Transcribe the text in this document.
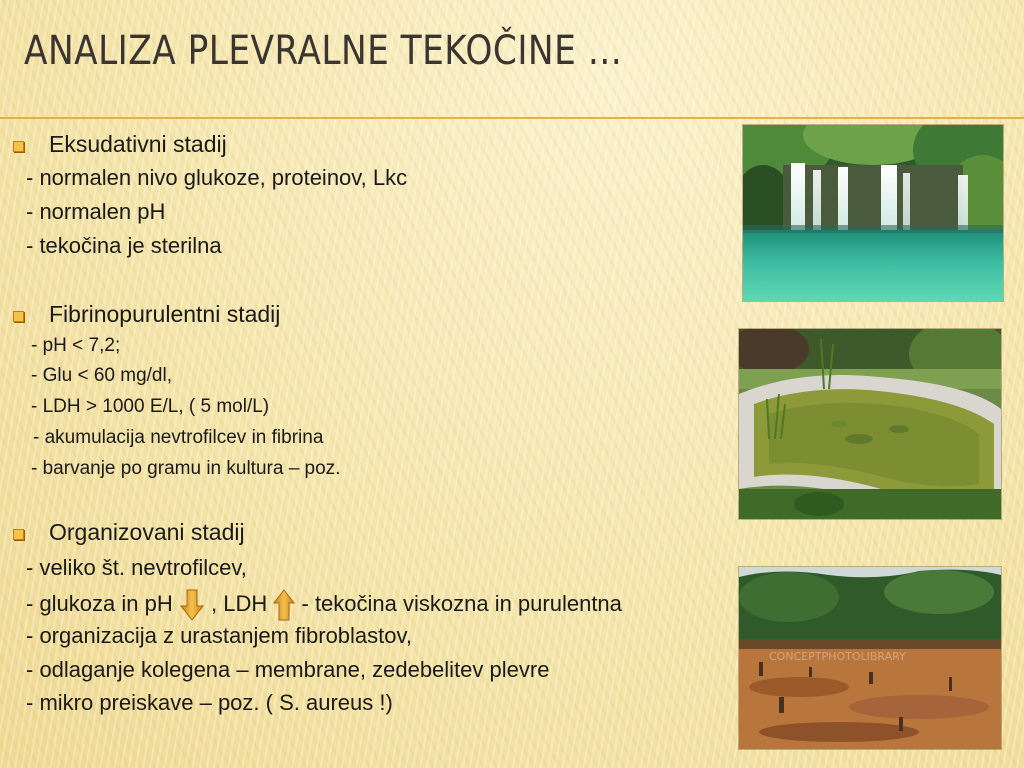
ANALIZA PLEVRALNE TEKOČINE …
Eksudativni stadij
- normalen nivo glukoze, proteinov, Lkc
- normalen pH
- tekočina je sterilna
Fibrinopurulentni stadij
- pH < 7,2;
- Glu < 60 mg/dl,
- LDH > 1000 E/L, ( 5 mol/L)
- akumulacija nevtrofilcev in fibrina
- barvanje po gramu in kultura – poz.
Organizovani stadij
- veliko št. nevtrofilcev,
- glukoza in pH , LDH - tekočina viskozna in purulentna
- organizacija z urastanjem fibroblastov,
- odlaganje kolegena – membrane, zedebelitev plevre
- mikro preiskave – poz. ( S. aureus !)
CONCEPTPHOTOLIBRARY
